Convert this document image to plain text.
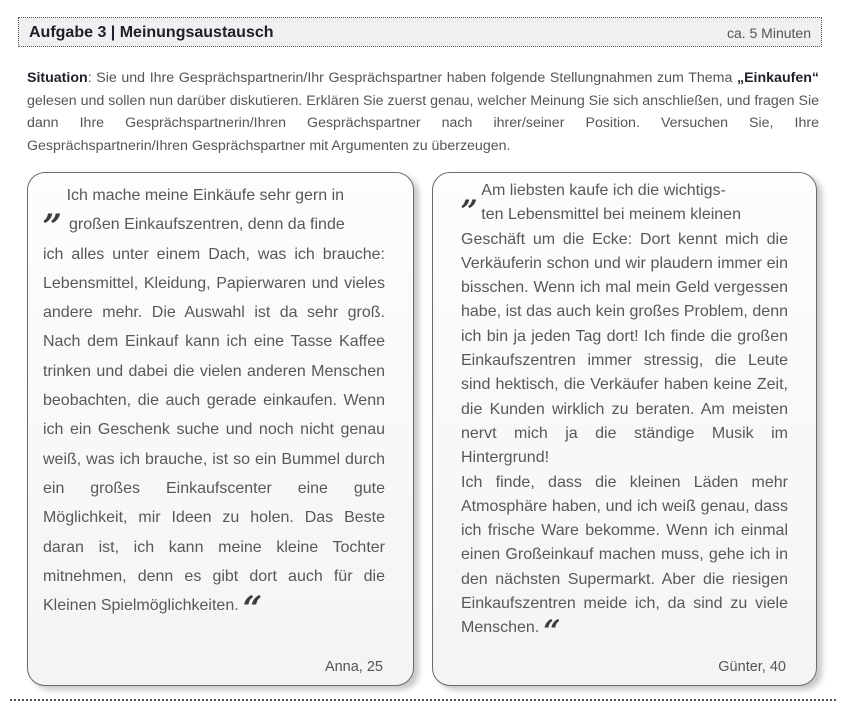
Aufgabe 3 | Meinungsaustausch	ca. 5 Minuten
Situation: Sie und Ihre Gesprächspartnerin/Ihr Gesprächspartner haben folgende Stellungnahmen zum Thema „Einkaufen“ gelesen und sollen nun darüber diskutieren. Erklären Sie zuerst genau, welcher Meinung Sie sich anschließen, und fragen Sie dann Ihre Gesprächspartnerin/Ihren Gesprächspartner nach ihrer/seiner Position. Versuchen Sie, Ihre Gesprächspartnerin/Ihren Gesprächspartner mit Argumenten zu überzeugen.
„ Ich machе meine Einkäufe sehr gern in
großen Einkaufszentren, denn da finde
ich alles unter einem Dach, was ich brauche: Lebensmittel, Kleidung, Papierwaren und vieles andere mehr. Die Auswahl ist da sehr groß. Nach dem Einkauf kann ich eine Tasse Kaffee trinken und dabei die vielen anderen Menschen beobachten, die auch gerade einkaufen. Wenn ich ein Geschenk suche und noch nicht genau weiß, was ich brauche, ist so ein Bummel durch ein großes Einkaufscenter eine gute Möglichkeit, mir Ideen zu holen. Das Beste daran ist, ich kann meine kleine Tochter mitnehmen, denn es gibt dort auch für die Kleinen Spielmöglichkeiten. “
Anna, 25
„ Am liebsten kaufe ich die wichtigs-
ten Lebensmittel bei meinem kleinen
Geschäft um die Ecke: Dort kennt mich die Verkäuferin schon und wir plaudern immer ein bisschen. Wenn ich mal mein Geld vergessen habe, ist das auch kein großes Problem, denn ich bin ja jeden Tag dort! Ich finde die großen Einkaufszentren immer stressig, die Leute sind hektisch, die Verkäufer haben keine Zeit, die Kunden wirklich zu beraten. Am meisten nervt mich ja die ständige Musik im Hintergrund!
Ich finde, dass die kleinen Läden mehr Atmosphäre haben, und ich weiß genau, dass ich frische Ware bekomme. Wenn ich einmal einen Großeinkauf machen muss, gehe ich in den nächsten Supermarkt. Aber die riesigen Einkaufszentren meide ich, da sind zu viele Menschen. “
Günter, 40
